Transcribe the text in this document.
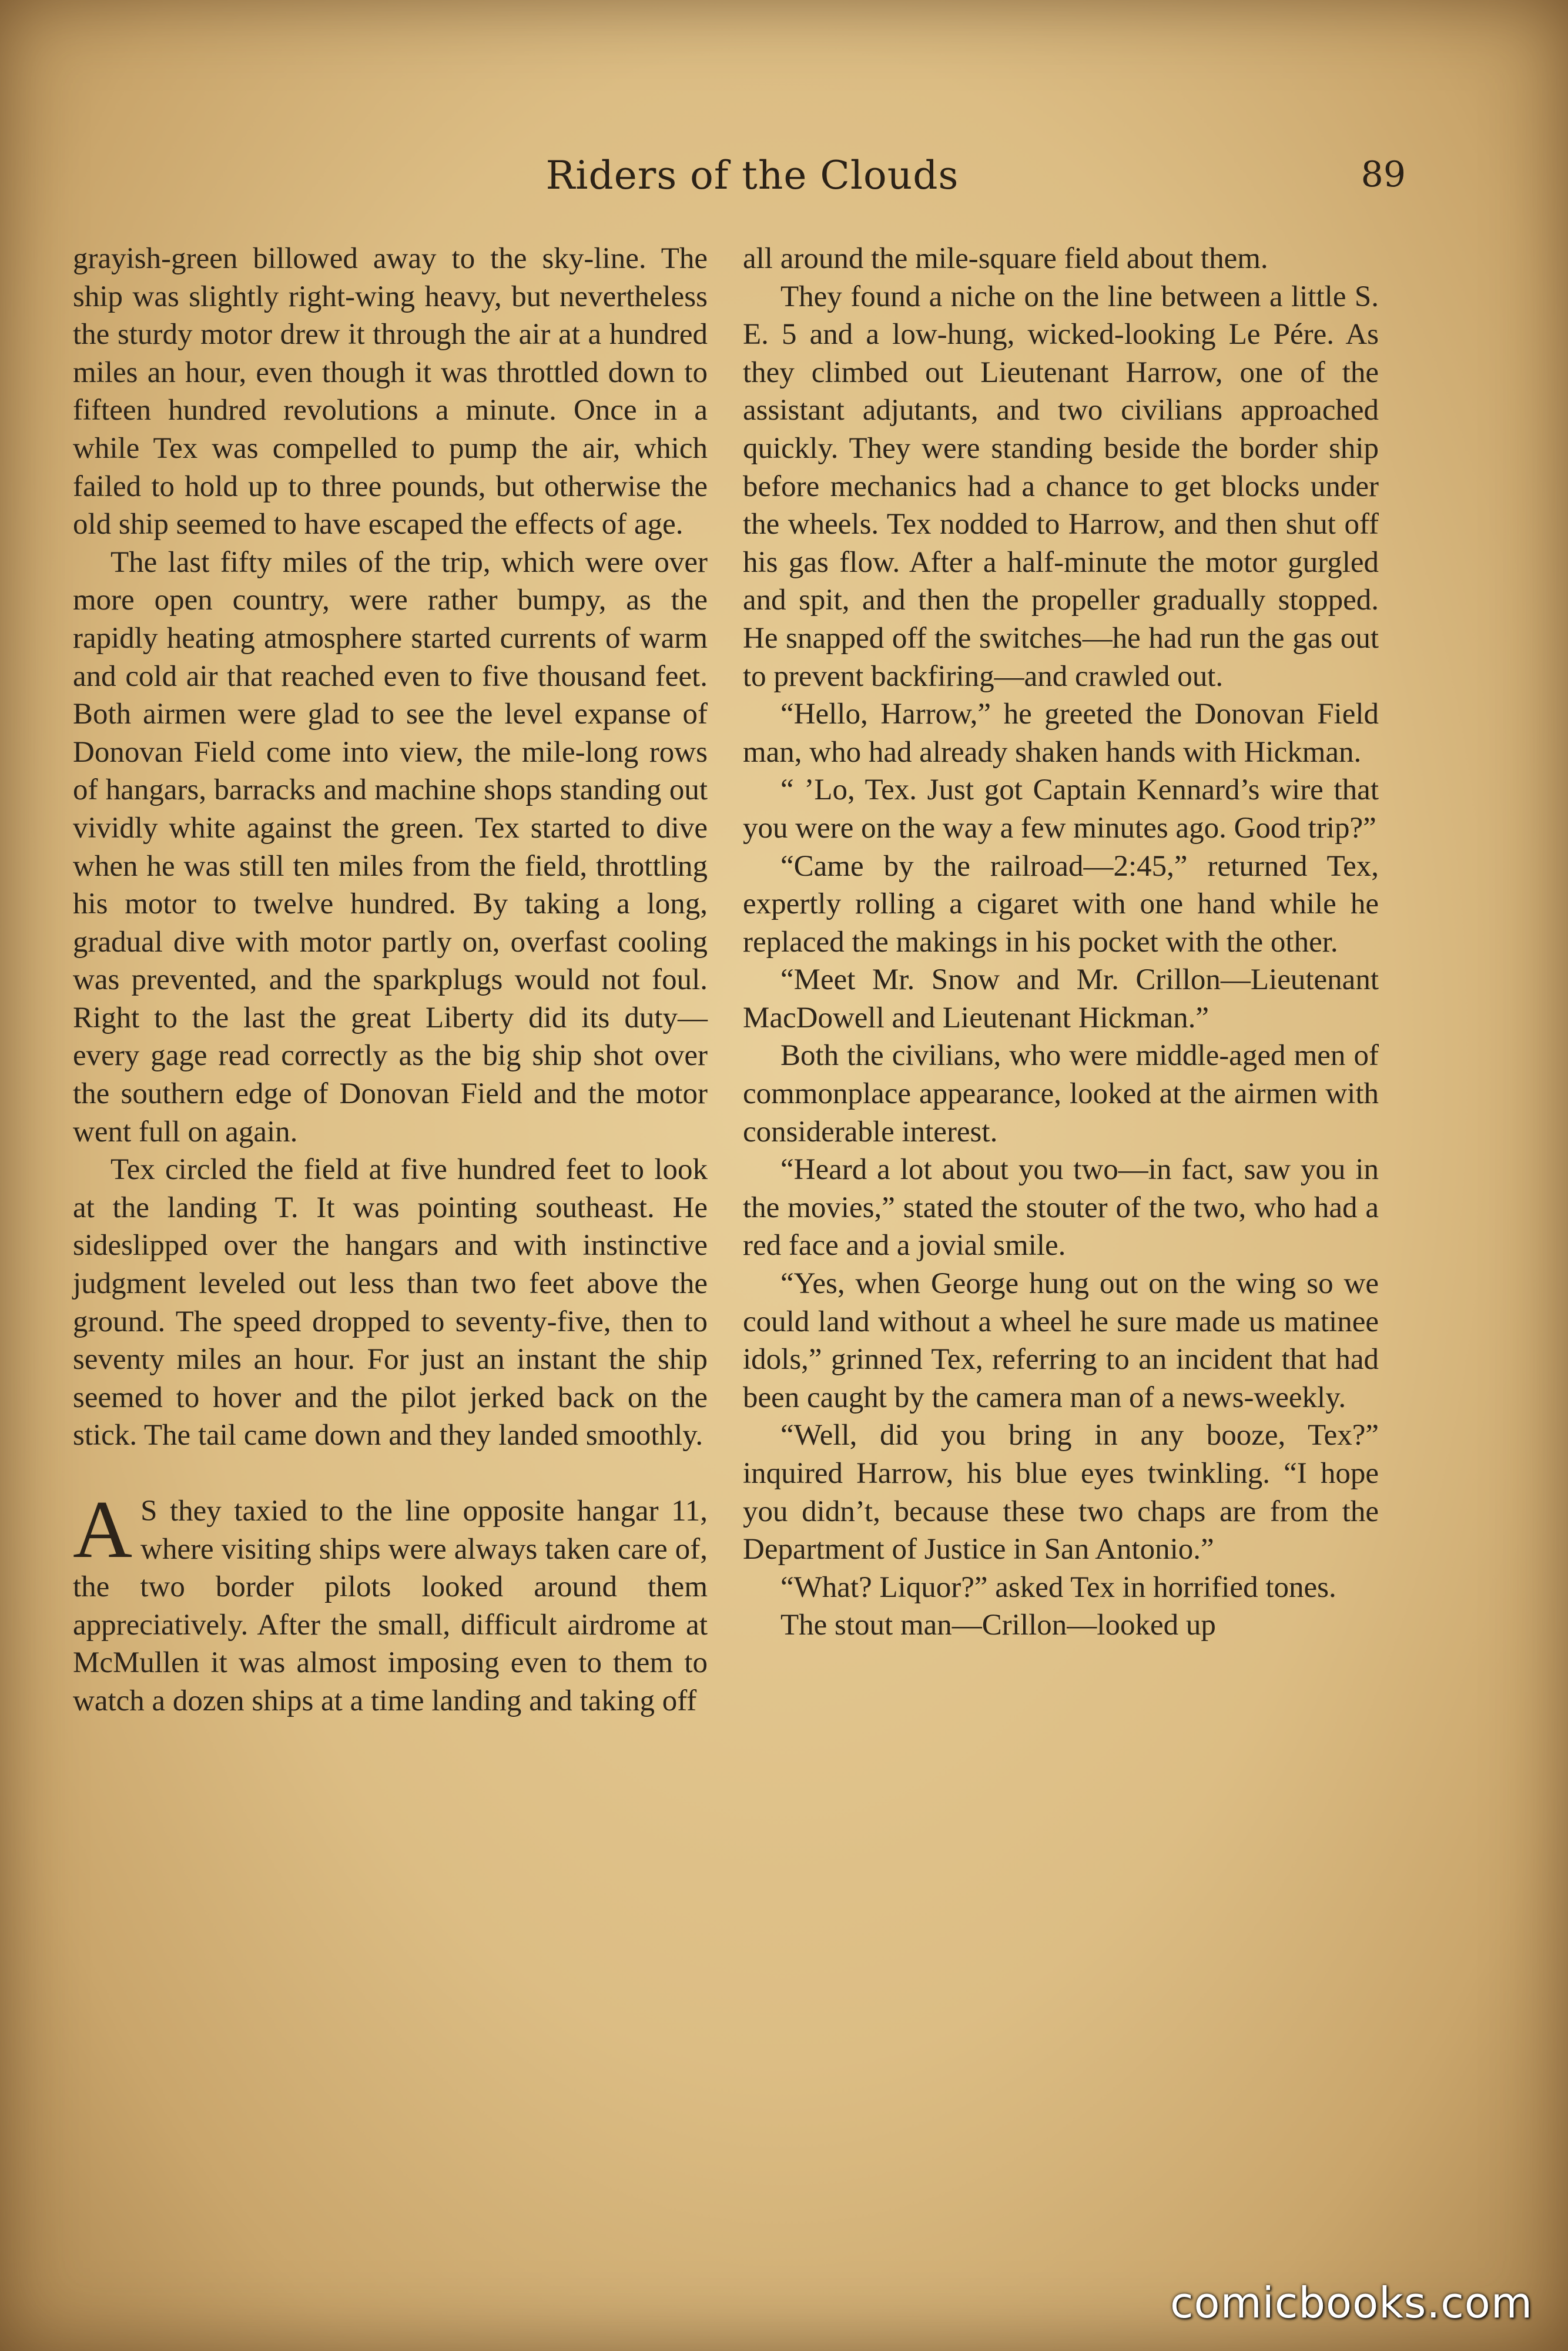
Riders of the Clouds	89

grayish-green billowed away to the sky-line. The ship was slightly right-wing heavy, but nevertheless the sturdy motor drew it through the air at a hundred miles an hour, even though it was throttled down to fifteen hundred revolutions a minute. Once in a while Tex was compelled to pump the air, which failed to hold up to three pounds, but otherwise the old ship seemed to have escaped the effects of age.

The last fifty miles of the trip, which were over more open country, were rather bumpy, as the rapidly heating atmosphere started currents of warm and cold air that reached even to five thousand feet. Both airmen were glad to see the level expanse of Donovan Field come into view, the mile-long rows of hangars, barracks and machine shops standing out vividly white against the green. Tex started to dive when he was still ten miles from the field, throttling his motor to twelve hundred. By taking a long, gradual dive with motor partly on, overfast cooling was prevented, and the sparkplugs would not foul. Right to the last the great Liberty did its duty—every gage read correctly as the big ship shot over the southern edge of Donovan Field and the motor went full on again.

Tex circled the field at five hundred feet to look at the landing T. It was pointing southeast. He sideslipped over the hangars and with instinctive judgment leveled out less than two feet above the ground. The speed dropped to seventy-five, then to seventy miles an hour. For just an instant the ship seemed to hover and the pilot jerked back on the stick. The tail came down and they landed smoothly.

A S they taxied to the line opposite hangar 11, where visiting ships were always taken care of, the two border pilots looked around them appreciatively. After the small, difficult airdrome at McMullen it was almost imposing even to them to watch a dozen ships at a time landing and taking off

all around the mile-square field about them.

They found a niche on the line between a little S. E. 5 and a low-hung, wicked-looking Le Pére. As they climbed out Lieutenant Harrow, one of the assistant adjutants, and two civilians approached quickly. They were standing beside the border ship before mechanics had a chance to get blocks under the wheels. Tex nodded to Harrow, and then shut off his gas flow. After a half-minute the motor gurgled and spit, and then the propeller gradually stopped. He snapped off the switches—he had run the gas out to prevent backfiring—and crawled out.

“Hello, Harrow,” he greeted the Donovan Field man, who had already shaken hands with Hickman.

“ ’Lo, Tex. Just got Captain Kennard’s wire that you were on the way a few minutes ago. Good trip?”

“Came by the railroad—2:45,” returned Tex, expertly rolling a cigaret with one hand while he replaced the makings in his pocket with the other.

“Meet Mr. Snow and Mr. Crillon—Lieutenant MacDowell and Lieutenant Hickman.”

Both the civilians, who were middle-aged men of commonplace appearance, looked at the airmen with considerable interest.

“Heard a lot about you two—in fact, saw you in the movies,” stated the stouter of the two, who had a red face and a jovial smile.

“Yes, when George hung out on the wing so we could land without a wheel he sure made us matinee idols,” grinned Tex, referring to an incident that had been caught by the camera man of a news-weekly.

“Well, did you bring in any booze, Tex?” inquired Harrow, his blue eyes twinkling. “I hope you didn’t, because these two chaps are from the Department of Justice in San Antonio.”

“What? Liquor?” asked Tex in horrified tones.

The stout man—Crillon—looked up

comicbooks.com
